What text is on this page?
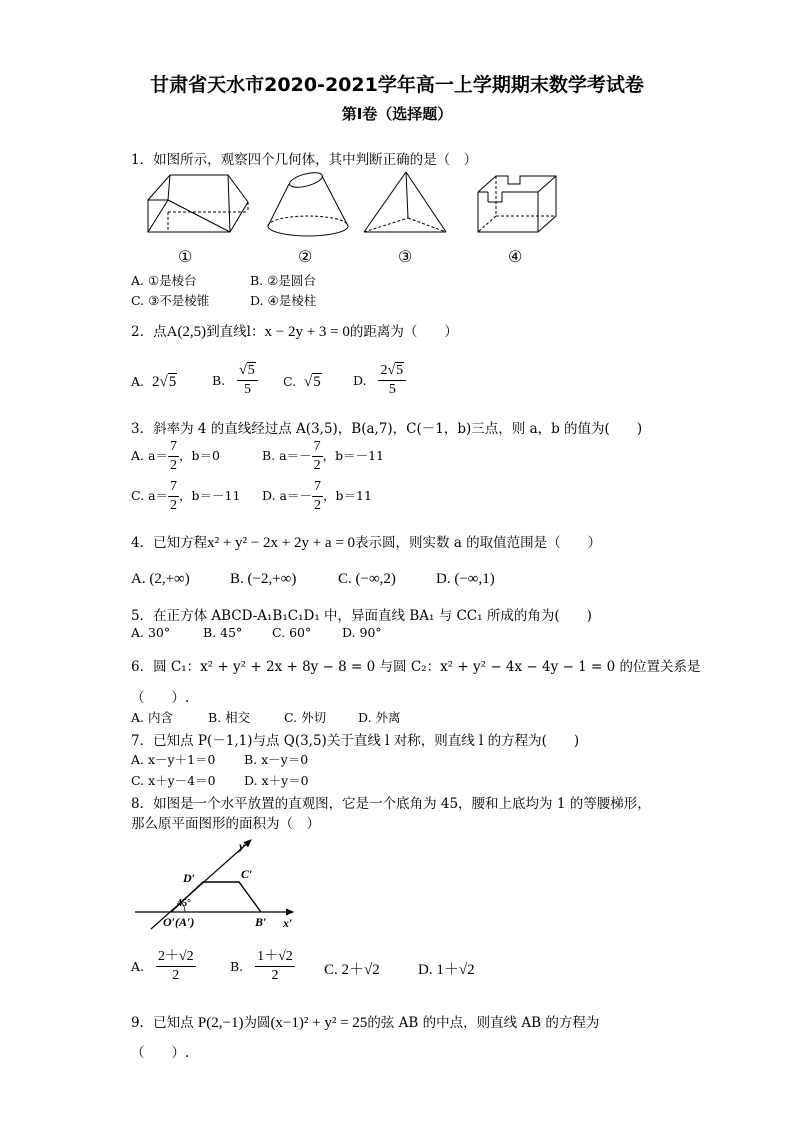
甘肃省天水市2020-2021学年高一上学期期末数学考试卷
第I卷（选择题）
1．如图所示，观察四个几何体，其中判断正确的是（　）
①	②	③	④
A. ①是棱台	B. ②是圆台
C. ③不是棱锥	D. ④是棱柱
2．点A(2,5)到直线l：x − 2y + 3 = 0的距离为（　　）
A. 2√5	B. $\frac{√5}{5} C$. √5	D. $\frac{2√5}{5}$
3．斜率为 4 的直线经过点 A(3,5)，B(a,7)，C(－1，b)三点，则 a，b 的值为(　　)
A. $a= \frac{7}{2}$ ，b＝0	B. $a=- \frac{7}{2}$ ，b＝－11
C. $a= \frac{7}{2}$ ，b＝－11 D. $a=- \frac{7}{2}$ ，b＝11
4．已知方程x² + y² − 2x + 2y + a = 0表示圆，则实数 a 的取值范围是（　　）
A. (2,+∞)	B. (−2,+∞)	C. (−∞,2)	D. (−∞,1)
5．在正方体 ABCD-A₁B₁C₁D₁ 中，异面直线 BA₁ 与 CC₁ 所成的角为(　　)
A. 30°	B. 45° C. 60° D. 90°
6．圆 C₁：x² + y² + 2x + 8y − 8 = 0 与圆 C₂：x² + y² − 4x − 4y − 1 = 0 的位置关系是
（　　）.
A. 内含	B. 相交	C. 外切	D. 外离
7．已知点 P(－1,1)与点 Q(3,5)关于直线 l 对称，则直线 l 的方程为(　　)
A. x－y＋1＝0 B. x－y＝0
C. x＋y－4＝0 D. x＋y＝0
8．如图是一个水平放置的直观图，它是一个底角为 45，腰和上底均为 1 的等腰梯形，
那么原平面图形的面积为（　）
x′
y′
D′	C′
B′
O′(A′)
45°
A. $\frac{2+√2}{2}$	B. $\frac{1+√2}{2} C$. 2＋√2	D. 1＋√2
9．已知点 P(2,−1)为圆(x−1)² + y² = 25的弦 AB 的中点，则直线 AB 的方程为
（　　）.
